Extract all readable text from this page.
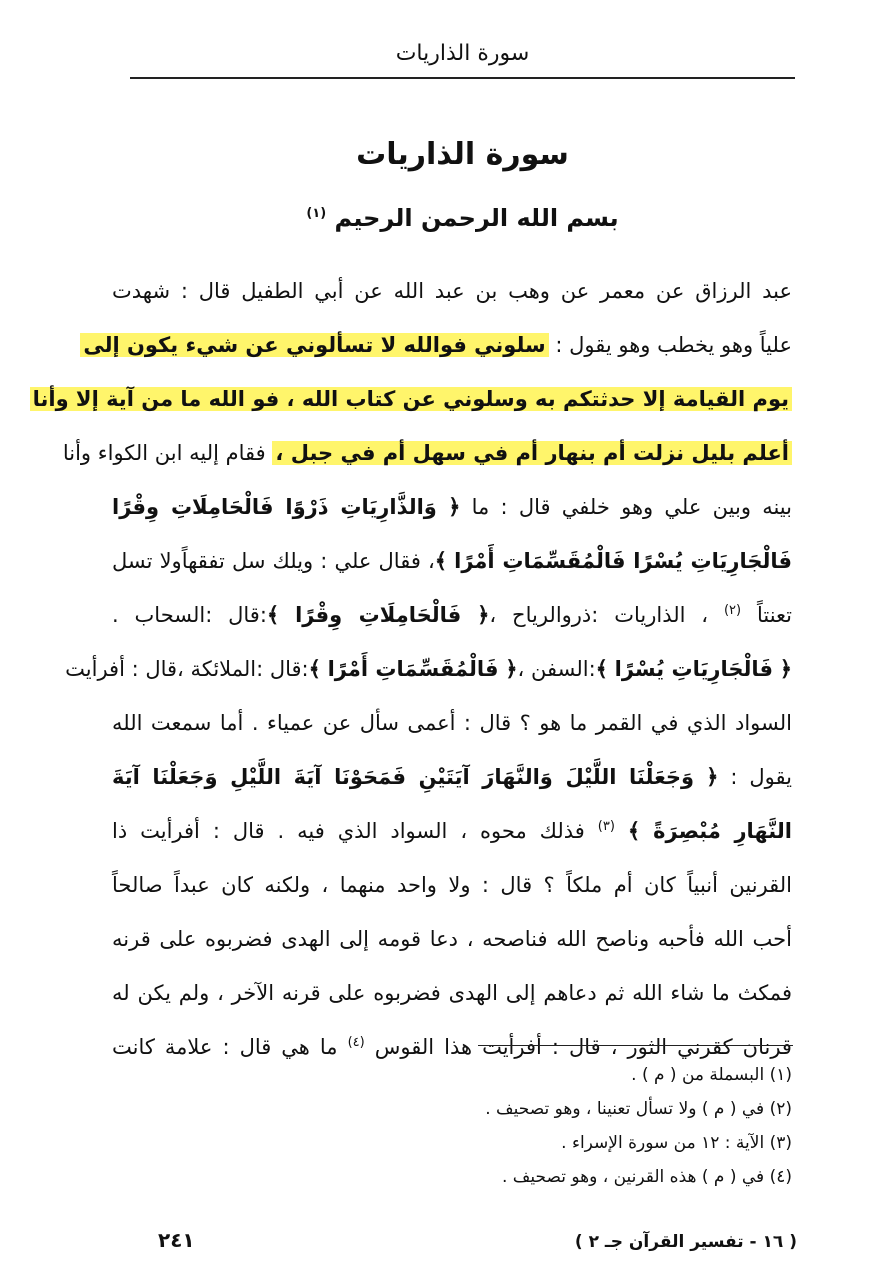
سورة الذاريات
سورة الذاريات
بسم الله الرحمن الرحيم $^{(١)}$
عبد الرزاق عن معمر عن وهب بن عبد الله عن أبي الطفيل قال : شهدت
علياً وهو يخطب وهو يقول : سلوني فوالله لا تسألوني عن شيء يكون إلى
يوم القيامة إلا حدثتكم به وسلوني عن كتاب الله ، فو الله ما من آية إلا وأنا
أعلم بليل نزلت أم بنهار أم في سهل أم في جبل ، فقام إليه ابن الكواء وأنا
بينه وبين علي وهو خلفي قال : ما ﴿ وَالذَّارِيَاتِ ذَرْوًا فَالْحَامِلَاتِ وِقْرًا
فَالْجَارِيَاتِ يُسْرًا فَالْمُقَسِّمَاتِ أَمْرًا ﴾، فقال علي : ويلك سل تفقهاًولا تسل
تعنتاً $^{(٢)}$ ، الذاريات :ذروالرياح ،﴿ فَالْحَامِلَاتِ وِقْرًا ﴾:قال :السحاب .
﴿ فَالْجَارِيَاتِ يُسْرًا ﴾:السفن ،﴿ فَالْمُقَسِّمَاتِ أَمْرًا ﴾:قال :الملائكة ،قال : أفرأيت
السواد الذي في القمر ما هو ؟ قال : أعمى سأل عن عمياء . أما سمعت الله
يقول : ﴿ وَجَعَلْنَا اللَّيْلَ وَالنَّهَارَ آيَتَيْنِ فَمَحَوْنَا آيَةَ اللَّيْلِ وَجَعَلْنَا آيَةَ
النَّهَارِ مُبْصِرَةً ﴾ $^{(٣)}$ فذلك محوه ، السواد الذي فيه . قال : أفرأيت ذا
القرنين أنبياً كان أم ملكاً ؟ قال : ولا واحد منهما ، ولكنه كان عبداً صالحاً
أحب الله فأحبه وناصح الله فناصحه ، دعا قومه إلى الهدى فضربوه على قرنه
فمكث ما شاء الله ثم دعاهم إلى الهدى فضربوه على قرنه الآخر ، ولم يكن له
قرنان كقرني الثور ، قال : أفرأيت هذا القوس $^{(٤)}$ ما هي قال : علامة كانت
(١) البسملة من ( م ) .
(٢) في ( م ) ولا تسأل تعنينا ، وهو تصحيف .
(٣) الآية : ١٢ من سورة الإسراء .
(٤) في ( م ) هذه القرنين ، وهو تصحيف .
٢٤١	( ١٦ - تفسير القرآن جـ ٢ )
